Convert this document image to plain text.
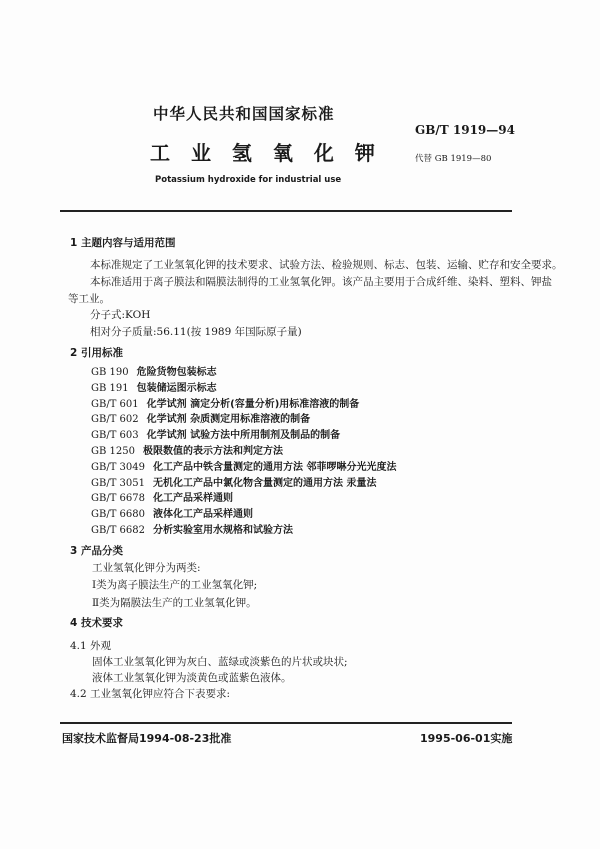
中华人民共和国国家标准
GB/T 1919—94
工 业 氢 氧 化 钾	代替 GB 1919—80
Potassium hydroxide for industrial use
1 主题内容与适用范围
本标准规定了工业氢氧化钾的技术要求、试验方法、检验规则、标志、包装、运输、贮存和安全要求。
本标准适用于离子膜法和隔膜法制得的工业氢氧化钾。该产品主要用于合成纤维、染料、塑料、钾盐
等工业。
分子式:KOH
相对分子质量:56.11(按 1989 年国际原子量)
2 引用标准
GB 190 危险货物包装标志
GB 191 包装储运图示标志
GB/T 601 化学试剂 滴定分析(容量分析)用标准溶液的制备
GB/T 602 化学试剂 杂质测定用标准溶液的制备
GB/T 603 化学试剂 试验方法中所用制剂及制品的制备
GB 1250 极限数值的表示方法和判定方法
GB/T 3049 化工产品中铁含量测定的通用方法 邻菲啰啉分光光度法
GB/T 3051 无机化工产品中氯化物含量测定的通用方法 汞量法
GB/T 6678 化工产品采样通则
GB/T 6680 液体化工产品采样通则
GB/T 6682 分析实验室用水规格和试验方法
3 产品分类
工业氢氧化钾分为两类:
Ⅰ类为离子膜法生产的工业氢氧化钾;
Ⅱ类为隔膜法生产的工业氢氧化钾。
4 技术要求
4.1 外观
固体工业氢氧化钾为灰白、蓝绿或淡紫色的片状或块状;
液体工业氢氧化钾为淡黄色或蓝紫色液体。
4.2 工业氢氧化钾应符合下表要求:
国家技术监督局1994-08-23批准	1995-06-01实施
